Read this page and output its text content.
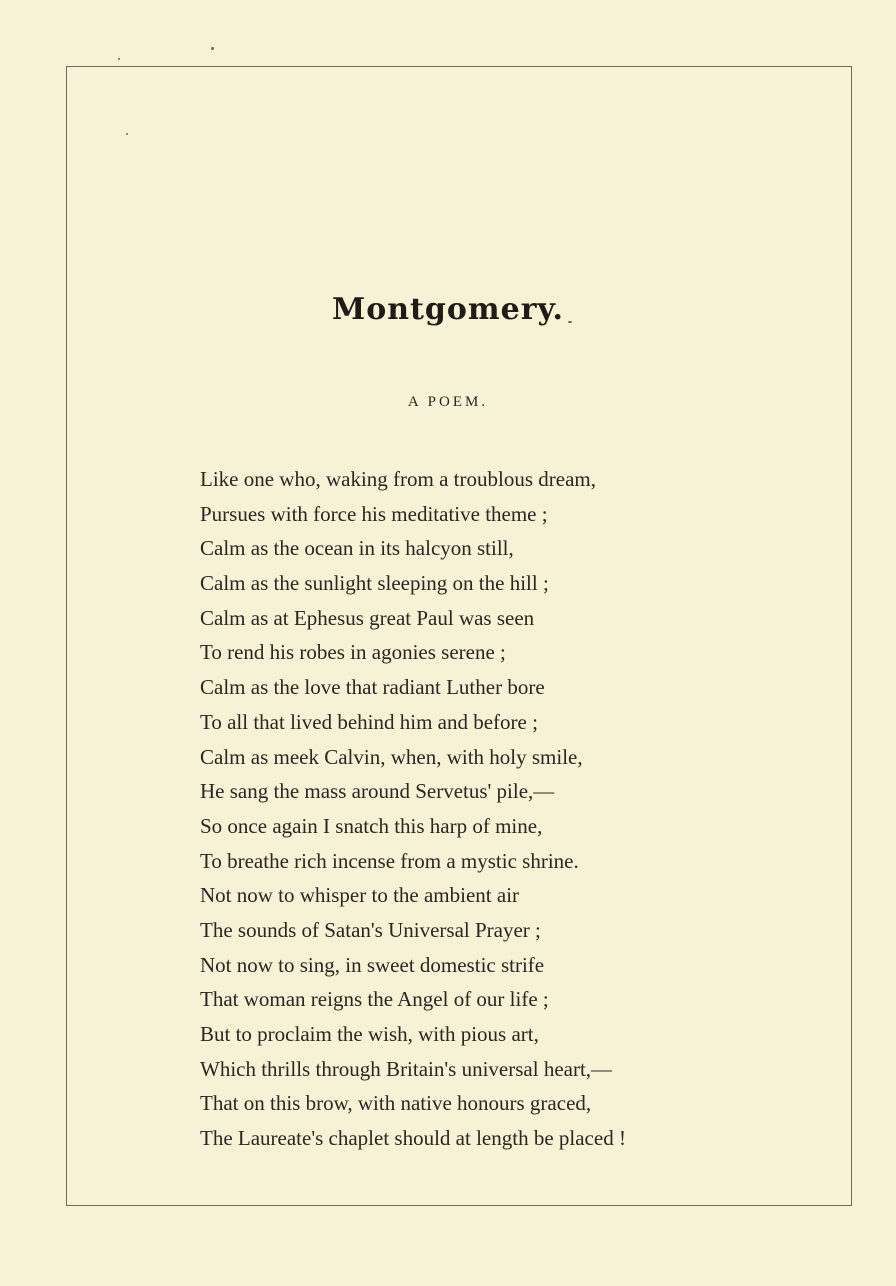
Montgomery.
A POEM.
Like one who, waking from a troublous dream,
Pursues with force his meditative theme ;
Calm as the ocean in its halcyon still,
Calm as the sunlight sleeping on the hill ;
Calm as at Ephesus great Paul was seen
To rend his robes in agonies serene ;
Calm as the love that radiant Luther bore
To all that lived behind him and before ;
Calm as meek Calvin, when, with holy smile,
He sang the mass around Servetus' pile,—
So once again I snatch this harp of mine,
To breathe rich incense from a mystic shrine.
Not now to whisper to the ambient air
The sounds of Satan's Universal Prayer ;
Not now to sing, in sweet domestic strife
That woman reigns the Angel of our life ;
But to proclaim the wish, with pious art,
Which thrills through Britain's universal heart,—
That on this brow, with native honours graced,
The Laureate's chaplet should at length be placed !
